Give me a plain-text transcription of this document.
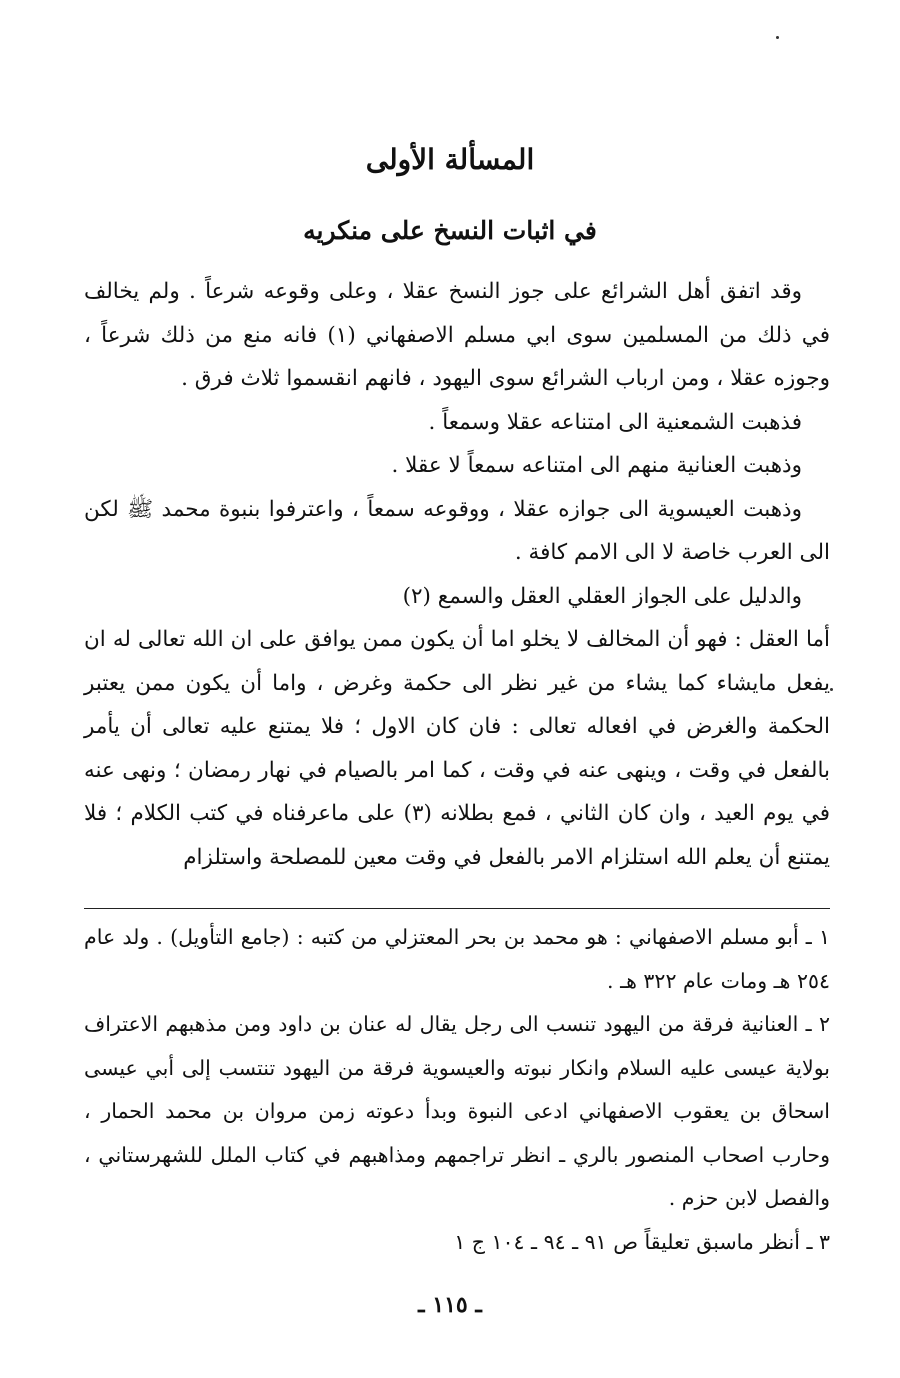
المسألة الأولى
في اثبات النسخ على منكريه

وقد اتفق أهل الشرائع على جوز النسخ عقلا ، وعلى وقوعه شرعاً . ولم يخالف في ذلك من المسلمين سوى ابي مسلم الاصفهاني (١) فانه منع من ذلك شرعاً ، وجوزه عقلا ، ومن ارباب الشرائع سوى اليهود ، فانهم انقسموا ثلاث فرق .

فذهبت الشمعنية الى امتناعه عقلا وسمعاً .

وذهبت العنانية منهم الى امتناعه سمعاً لا عقلا .

وذهبت العيسوية الى جوازه عقلا ، ووقوعه سمعاً ، واعترفوا بنبوة محمد ﷺ لكن الى العرب خاصة لا الى الامم كافة .

والدليل على الجواز العقلي العقل والسمع (٢)

أما العقل : فهو أن المخالف لا يخلو اما أن يكون ممن يوافق على ان الله تعالى له ان يفعل مايشاء كما يشاء من غير نظر الى حكمة وغرض ، واما أن يكون ممن يعتبر الحكمة والغرض في افعاله تعالى : فان كان الاول ؛ فلا يمتنع عليه تعالى أن يأمر بالفعل في وقت ، وينهى عنه في وقت ، كما امر بالصيام في نهار رمضان ؛ ونهى عنه في يوم العيد ، وان كان الثاني ، فمع بطلانه (٣) على ماعرفناه في كتب الكلام ؛ فلا يمتنع أن يعلم الله استلزام الامر بالفعل في وقت معين للمصلحة واستلزام

١ ـ أبو مسلم الاصفهاني : هو محمد بن بحر المعتزلي من كتبه : (جامع التأويل) . ولد عام ٢٥٤ هـ ومات عام ٣٢٢ هـ .

٢ ـ العنانية فرقة من اليهود تنسب الى رجل يقال له عنان بن داود ومن مذهبهم الاعتراف بولاية عيسى عليه السلام وانكار نبوته والعيسوية فرقة من اليهود تنتسب إلى أبي عيسى اسحاق بن يعقوب الاصفهاني ادعى النبوة وبدأ دعوته زمن مروان بن محمد الحمار ، وحارب اصحاب المنصور بالري ـ انظر تراجمهم ومذاهبهم في كتاب الملل للشهرستاني ، والفصل لابن حزم .

٣ ـ أنظر ماسبق تعليقاً ص ٩١ ـ ٩٤ ـ ١٠٤ ج ١

ـ ١١٥ ـ
